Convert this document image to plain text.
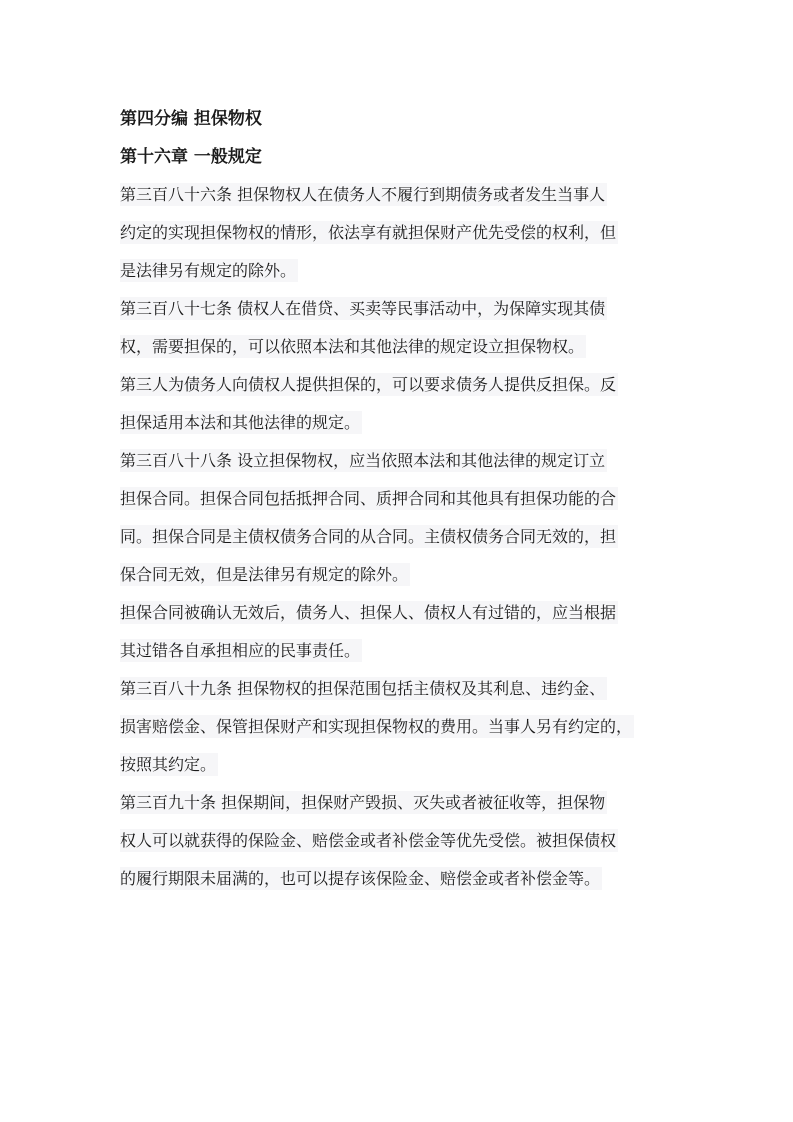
第四分编 担保物权
第十六章 一般规定
第三百八十六条 担保物权人在债务人不履行到期债务或者发生当事人
约定的实现担保物权的情形，依法享有就担保财产优先受偿的权利，但
是法律另有规定的除外。
第三百八十七条 债权人在借贷、买卖等民事活动中，为保障实现其债
权，需要担保的，可以依照本法和其他法律的规定设立担保物权。
第三人为债务人向债权人提供担保的，可以要求债务人提供反担保。反
担保适用本法和其他法律的规定。
第三百八十八条 设立担保物权，应当依照本法和其他法律的规定订立
担保合同。担保合同包括抵押合同、质押合同和其他具有担保功能的合
同。担保合同是主债权债务合同的从合同。主债权债务合同无效的，担
保合同无效，但是法律另有规定的除外。
担保合同被确认无效后，债务人、担保人、债权人有过错的，应当根据
其过错各自承担相应的民事责任。
第三百八十九条 担保物权的担保范围包括主债权及其利息、违约金、
损害赔偿金、保管担保财产和实现担保物权的费用。当事人另有约定的，
按照其约定。
第三百九十条 担保期间，担保财产毁损、灭失或者被征收等，担保物
权人可以就获得的保险金、赔偿金或者补偿金等优先受偿。被担保债权
的履行期限未届满的，也可以提存该保险金、赔偿金或者补偿金等。
